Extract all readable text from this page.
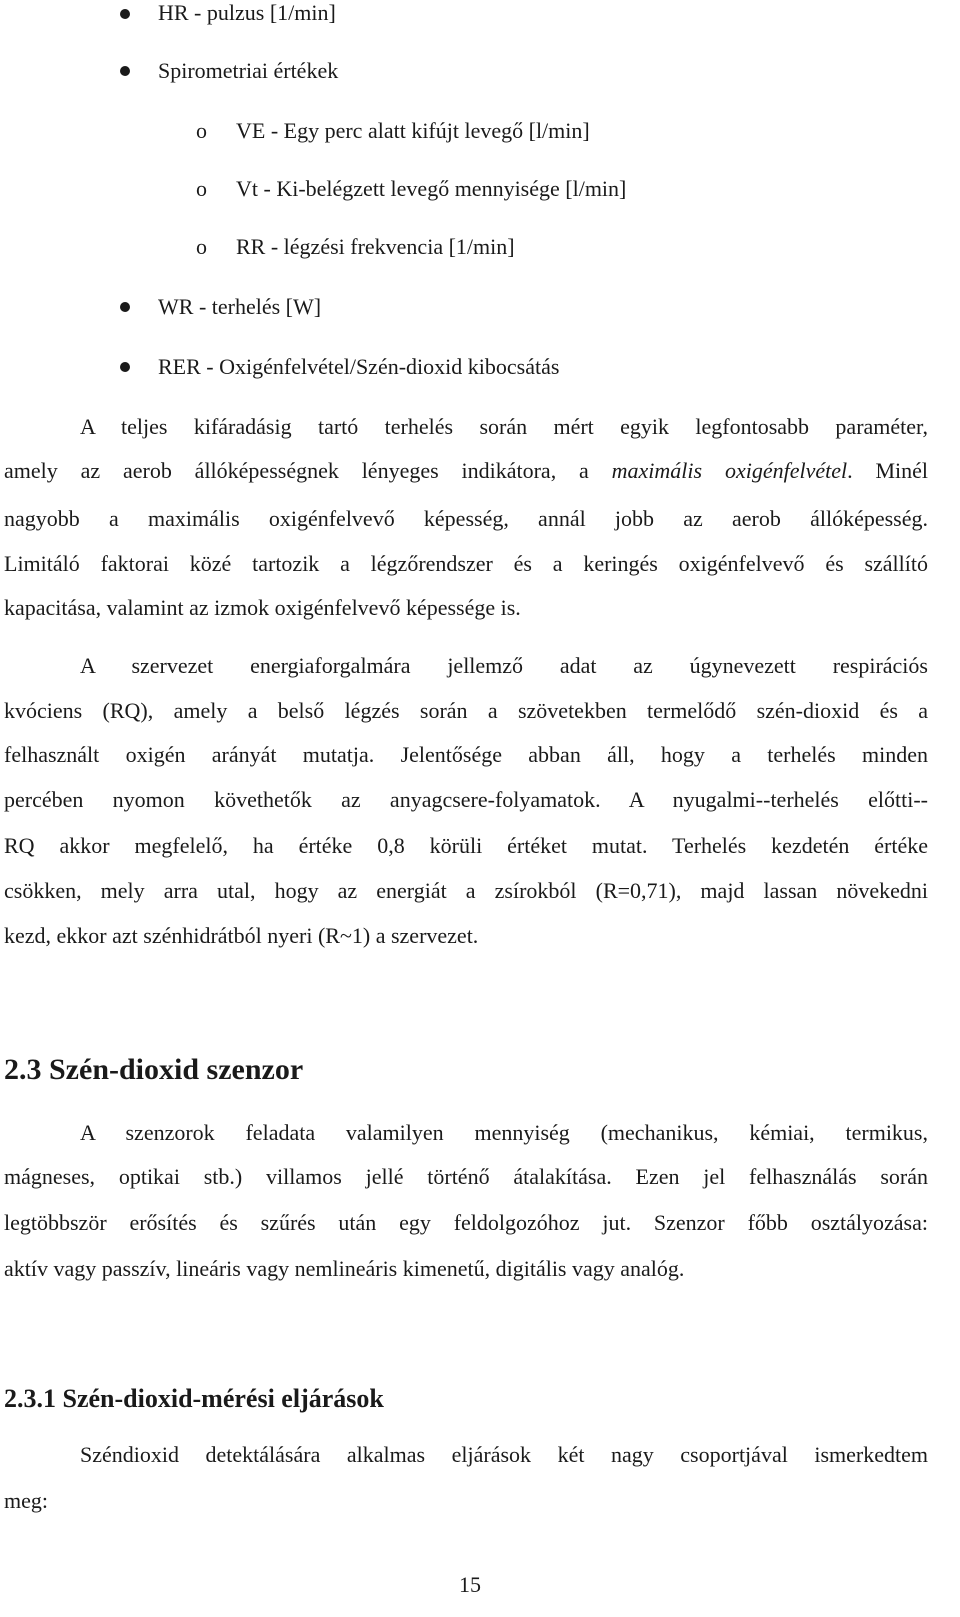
HR - pulzus [1/min]
Spirometriai értékek
o VE - Egy perc alatt kifújt levegő [l/min]
o Vt - Ki-belégzett levegő mennyisége [l/min]
o RR - légzési frekvencia [1/min]
WR - terhelés [W]
RER - Oxigénfelvétel/Szén-dioxid kibocsátás
A teljes kifáradásig tartó terhelés során mért egyik legfontosabb paraméter,
amely az aerob állóképességnek lényeges indikátora, a maximális oxigénfelvétel. Minél
nagyobb a maximális oxigénfelvevő képesség, annál jobb az aerob állóképesség.
Limitáló faktorai közé tartozik a légzőrendszer és a keringés oxigénfelvevő és szállító
kapacitása, valamint az izmok oxigénfelvevő képessége is.
A szervezet energiaforgalmára jellemző adat az úgynevezett respirációs
kvóciens (RQ), amely a belső légzés során a szövetekben termelődő szén-dioxid és a
felhasznált oxigén arányát mutatja. Jelentősége abban áll, hogy a terhelés minden
percében nyomon követhetők az anyagcsere-folyamatok. A nyugalmi--terhelés előtti--
RQ akkor megfelelő, ha értéke 0,8 körüli értéket mutat. Terhelés kezdetén értéke
csökken, mely arra utal, hogy az energiát a zsírokból (R=0,71), majd lassan növekedni
kezd, ekkor azt szénhidrátból nyeri (R~1) a szervezet.
2.3 Szén-dioxid szenzor
A szenzorok feladata valamilyen mennyiség (mechanikus, kémiai, termikus,
mágneses, optikai stb.) villamos jellé történő átalakítása. Ezen jel felhasználás során
legtöbbször erősítés és szűrés után egy feldolgozóhoz jut. Szenzor főbb osztályozása:
aktív vagy passzív, lineáris vagy nemlineáris kimenetű, digitális vagy analóg.
2.3.1 Szén-dioxid-mérési eljárások
Széndioxid detektálására alkalmas eljárások két nagy csoportjával ismerkedtem
meg:
15
